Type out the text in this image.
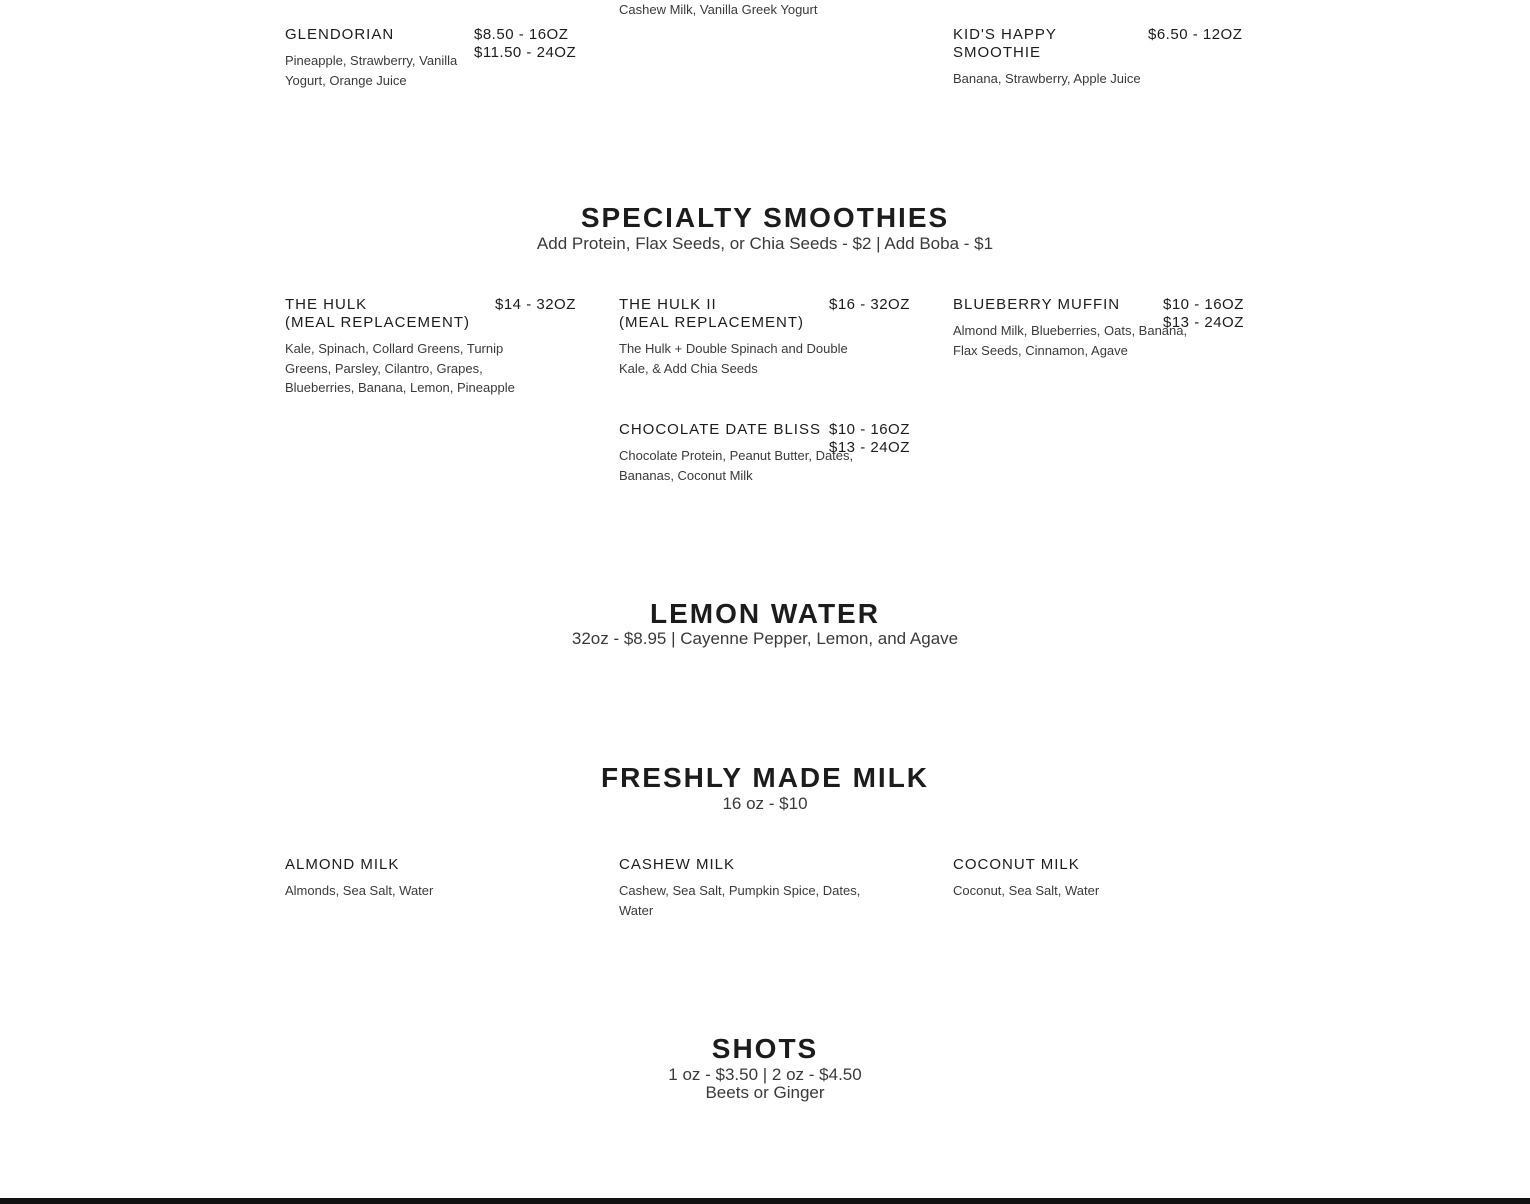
Cashew Milk, Vanilla Greek Yogurt

GLENDORIAN	$8.50 - 16OZ
$11.50 - 24OZ

Pineapple, Strawberry, Vanilla Yogurt, Orange Juice

KID'S HAPPY
SMOOTHIE

$6.50 - 12OZ

Banana, Strawberry, Apple Juice

SPECIALTY SMOOTHIES

Add Protein, Flax Seeds, or Chia Seeds - $2 | Add Boba - $1

THE HULK
(MEAL REPLACEMENT)

$14 - 32OZ

Kale, Spinach, Collard Greens, Turnip Greens, Parsley, Cilantro, Grapes, Blueberries, Banana, Lemon, Pineapple

THE HULK II
(MEAL REPLACEMENT)

$16 - 32OZ

The Hulk + Double Spinach and Double Kale, & Add Chia Seeds

BLUEBERRY MUFFIN	$10 - 16OZ
$13 - 24OZ

Almond Milk, Blueberries, Oats, Banana, Flax Seeds, Cinnamon, Agave

CHOCOLATE DATE BLISS $10 - 16OZ
$13 - 24OZ

Chocolate Protein, Peanut Butter, Dates, Bananas, Coconut Milk

LEMON WATER

32oz - $8.95 | Cayenne Pepper, Lemon, and Agave

FRESHLY MADE MILK

16 oz - $10

ALMOND MILK

Almonds, Sea Salt, Water

CASHEW MILK

Cashew, Sea Salt, Pumpkin Spice, Dates, Water

COCONUT MILK

Coconut, Sea Salt, Water

SHOTS

1 oz - $3.50 | 2 oz - $4.50

Beets or Ginger
